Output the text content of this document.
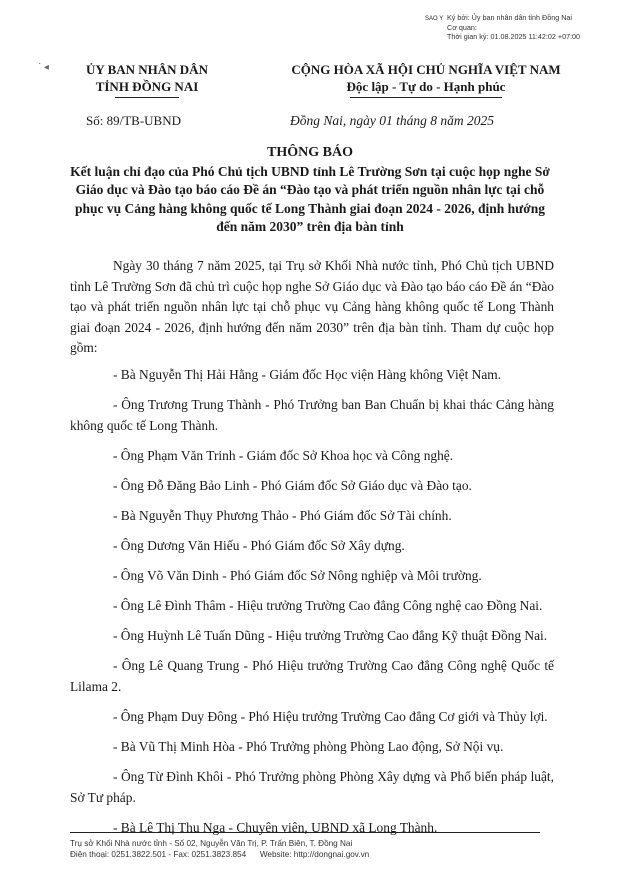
SAO Y Ký bởi: Ủy ban nhân dân tỉnh Đồng Nai
Cơ quan:
Thời gian ký: 01.08.2025 11:42:02 +07:00
˙ ◂	ỦY BAN NHÂN DÂN
TỈNH ĐỒNG NAI
CỘNG HÒA XÃ HỘI CHỦ NGHĨA VIỆT NAM
Độc lập - Tự do - Hạnh phúc
Số: 89/TB-UBND	Đồng Nai, ngày 01 tháng 8 năm 2025
THÔNG BÁO
Kết luận chỉ đạo của Phó Chủ tịch UBND tỉnh Lê Trường Sơn tại cuộc họp nghe Sở Giáo dục và Đào tạo báo cáo Đề án “Đào tạo và phát triển nguồn nhân lực tại chỗ phục vụ Cảng hàng không quốc tế Long Thành giai đoạn 2024 - 2026, định hướng đến năm 2030” trên địa bàn tỉnh

Ngày 30 tháng 7 năm 2025, tại Trụ sở Khối Nhà nước tỉnh, Phó Chủ tịch UBND tỉnh Lê Trường Sơn đã chủ trì cuộc họp nghe Sở Giáo dục và Đào tạo báo cáo Đề án “Đào tạo và phát triển nguồn nhân lực tại chỗ phục vụ Cảng hàng không quốc tế Long Thành giai đoạn 2024 - 2026, định hướng đến năm 2030” trên địa bàn tỉnh. Tham dự cuộc họp gồm:

- Bà Nguyễn Thị Hải Hằng - Giám đốc Học viện Hàng không Việt Nam.

- Ông Trương Trung Thành - Phó Trưởng ban Ban Chuẩn bị khai thác Cảng hàng không quốc tế Long Thành.

- Ông Phạm Văn Trinh - Giám đốc Sở Khoa học và Công nghệ.

- Ông Đỗ Đăng Bảo Linh - Phó Giám đốc Sở Giáo dục và Đào tạo.

- Bà Nguyễn Thụy Phương Thảo - Phó Giám đốc Sở Tài chính.

- Ông Dương Văn Hiếu - Phó Giám đốc Sở Xây dựng.

- Ông Võ Văn Dinh - Phó Giám đốc Sở Nông nghiệp và Môi trường.

- Ông Lê Đình Thâm - Hiệu trưởng Trường Cao đẳng Công nghệ cao Đồng Nai.

- Ông Huỳnh Lê Tuấn Dũng - Hiệu trưởng Trường Cao đẳng Kỹ thuật Đồng Nai.

- Ông Lê Quang Trung - Phó Hiệu trưởng Trường Cao đẳng Công nghệ Quốc tế Lilama 2.

- Ông Phạm Duy Đông - Phó Hiệu trưởng Trường Cao đẳng Cơ giới và Thủy lợi.

- Bà Vũ Thị Minh Hòa - Phó Trưởng phòng Phòng Lao động, Sở Nội vụ.

- Ông Từ Đình Khôi - Phó Trưởng phòng Phòng Xây dựng và Phổ biến pháp luật, Sở Tư pháp.

- Bà Lê Thị Thu Nga - Chuyên viên, UBND xã Long Thành.

Trụ sở Khối Nhà nước tỉnh - Số 02, Nguyễn Văn Trị, P. Trấn Biên, T. Đồng Nai
Điện thoại: 0251.3822.501 - Fax: 0251.3823.854 Website: http://dongnai.gov.vn
